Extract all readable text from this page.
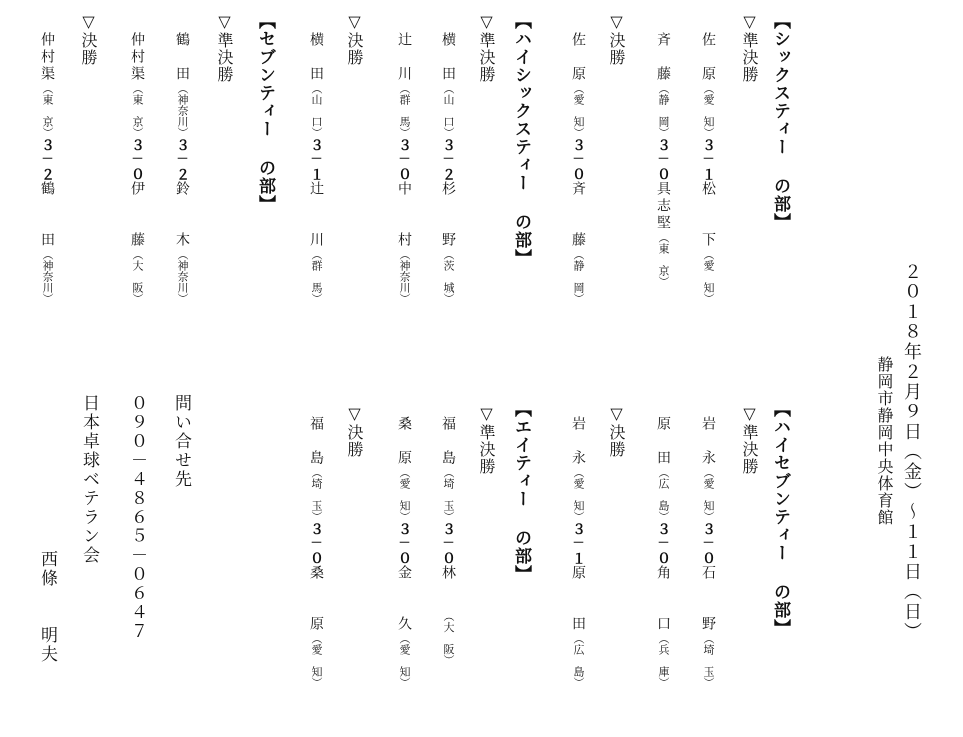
２０１８年２月９日（金）～１１日（日）
静岡市静岡中央体育館
【シックスティー の部】
▽準決勝
佐　原（愛　知）３－１松　　下（愛　知）
斉　藤（静　岡）３－０具志堅（東　京）
▽決勝
佐　原（愛　知）３－０斉　　藤（静　岡）
【ハイシックスティー の部】
▽準決勝
横　田（山　口）３－２杉　　野（茨　城）
辻　川（群　馬）３－０中　　村（神奈川）
▽決勝
横　田（山　口）３－１辻　　川（群　馬）
【セブンティー の部】
▽準決勝
鶴　田（神奈川）３－２鈴　　木（神奈川）
仲村渠（東　京）３－０伊　　藤（大　阪）
▽決勝
仲村渠（東　京）３－２鶴　　田（神奈川）
【ハイセブンティー の部】
▽準決勝
岩　永（愛　知）３－０石　　野（埼　玉）
原　田（広　島）３－０角　　口（兵　庫）
▽決勝
岩　永（愛　知）３－１原　　田（広　島）
【エイティー の部】
▽準決勝
福　島（埼　玉）３－０林　　（大　阪）
桑　原（愛　知）３－０金　　久（愛　知）
▽決勝
福　島（埼　玉）３－０桑　　原（愛　知）
問い合せ先
０９０－４８６５－０６４７
日本卓球ベテラン会
西條　　明夫
